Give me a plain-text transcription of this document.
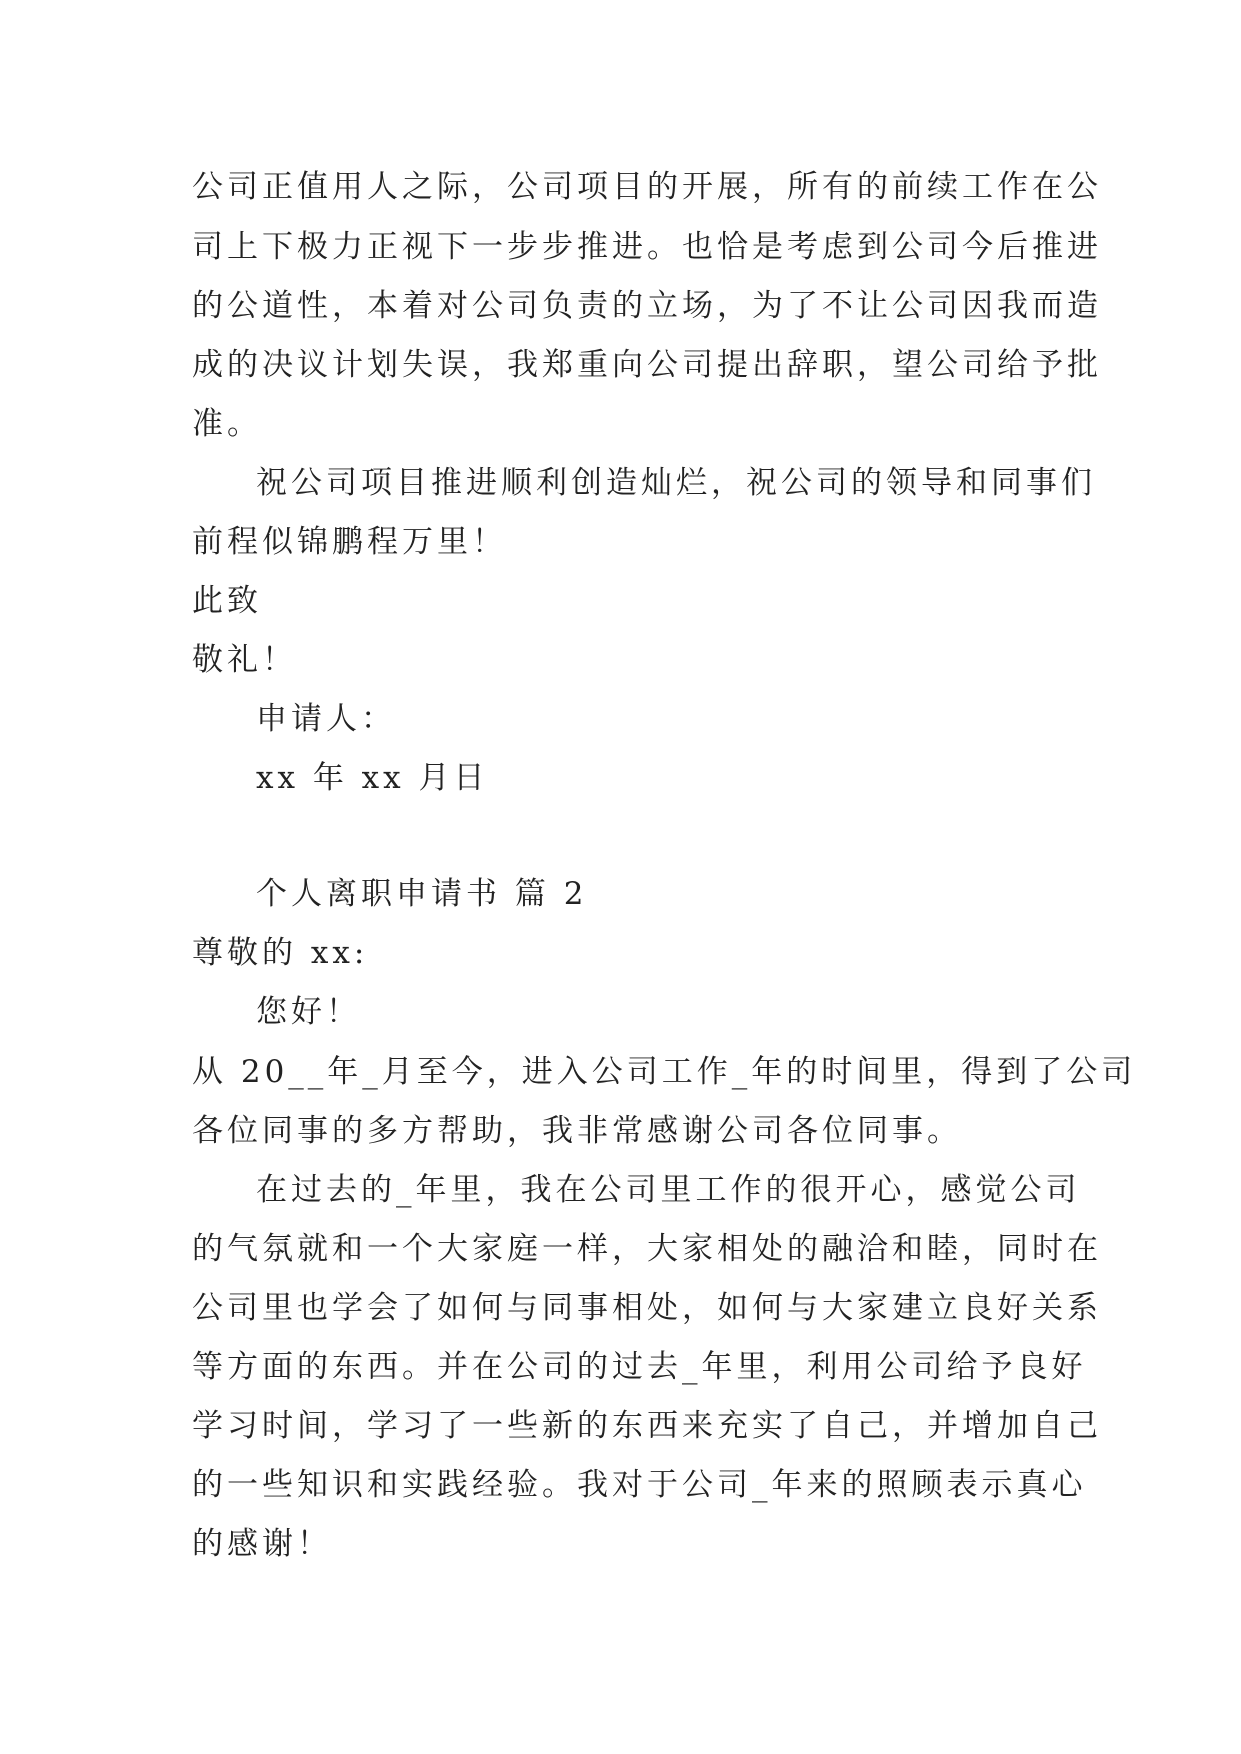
公司正值用人之际，公司项目的开展，所有的前续工作在公
司上下极力正视下一步步推进。也恰是考虑到公司今后推进
的公道性，本着对公司负责的立场，为了不让公司因我而造
成的决议计划失误，我郑重向公司提出辞职，望公司给予批
准。
祝公司项目推进顺利创造灿烂，祝公司的领导和同事们
前程似锦鹏程万里！
此致
敬礼！
申请人：
xx 年 xx 月日
个人离职申请书 篇 2
尊敬的 xx:
您好！
从 20__年_月至今，进入公司工作_年的时间里，得到了公司
各位同事的多方帮助，我非常感谢公司各位同事。
在过去的_年里，我在公司里工作的很开心，感觉公司
的气氛就和一个大家庭一样，大家相处的融洽和睦，同时在
公司里也学会了如何与同事相处，如何与大家建立良好关系
等方面的东西。并在公司的过去_年里，利用公司给予良好
学习时间，学习了一些新的东西来充实了自己，并增加自己
的一些知识和实践经验。我对于公司_年来的照顾表示真心
的感谢！
